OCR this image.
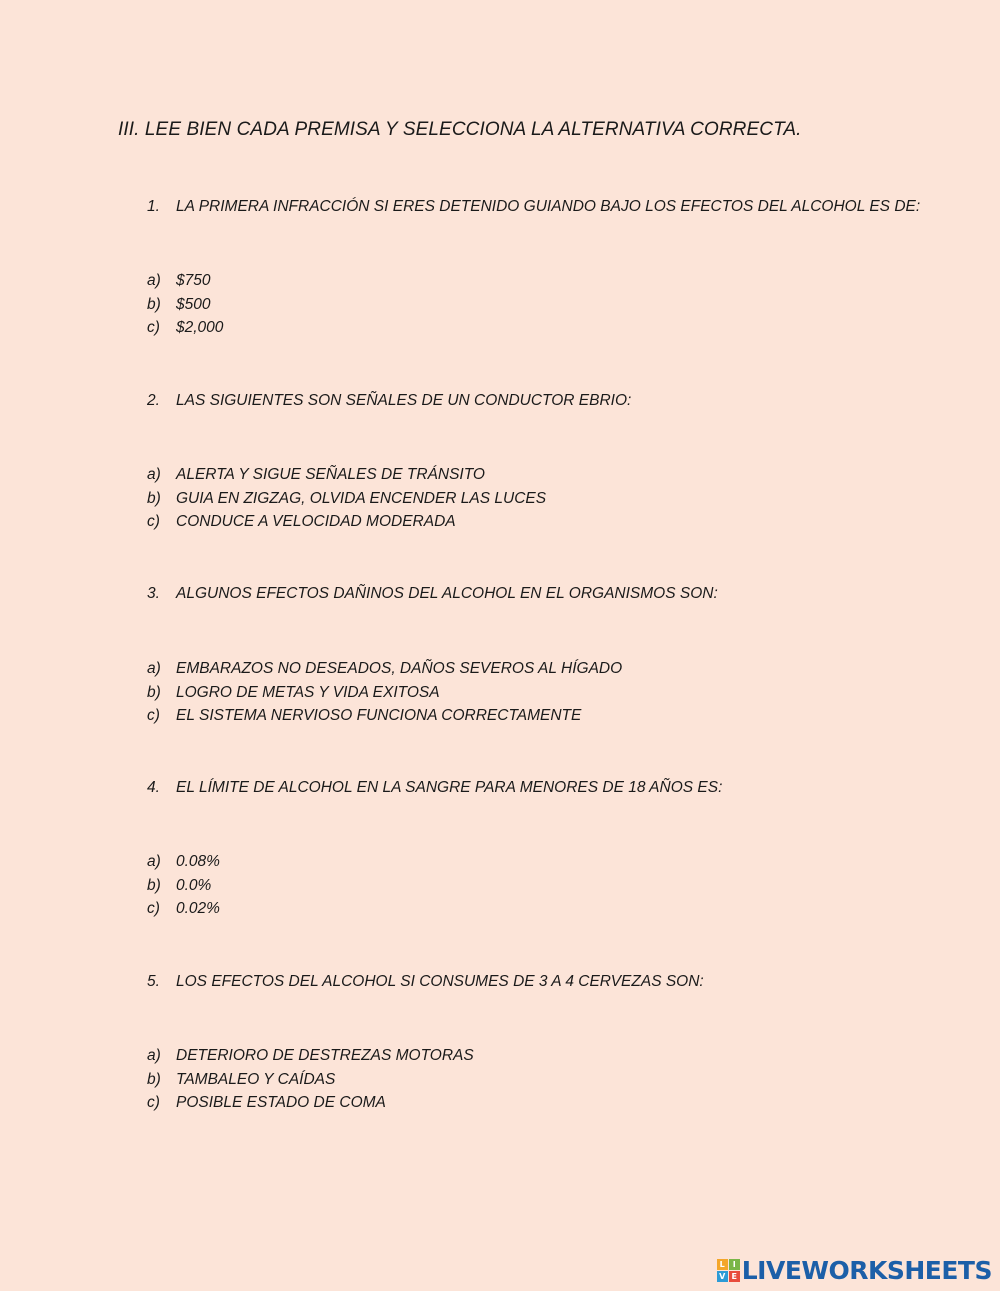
III. LEE BIEN CADA PREMISA Y SELECCIONA LA ALTERNATIVA CORRECTA.
1. LA PRIMERA INFRACCIÓN SI ERES DETENIDO GUIANDO BAJO LOS EFECTOS DEL ALCOHOL ES DE:
a) $750
b) $500
c) $2,000
2. LAS SIGUIENTES SON SEÑALES DE UN CONDUCTOR EBRIO:
a) ALERTA Y SIGUE SEÑALES DE TRÁNSITO
b) GUIA EN ZIGZAG, OLVIDA ENCENDER LAS LUCES
c) CONDUCE A VELOCIDAD MODERADA
3. ALGUNOS EFECTOS DAÑINOS DEL ALCOHOL EN EL ORGANISMOS SON:
a) EMBARAZOS NO DESEADOS, DAÑOS SEVEROS AL HÍGADO
b) LOGRO DE METAS Y VIDA EXITOSA
c) EL SISTEMA NERVIOSO FUNCIONA CORRECTAMENTE
4. EL LÍMITE DE ALCOHOL EN LA SANGRE PARA MENORES DE 18 AÑOS ES:
a) 0.08%
b) 0.0%
c) 0.02%
5. LOS EFECTOS DEL ALCOHOL SI CONSUMES DE 3 A 4 CERVEZAS SON:
a) DETERIORO DE DESTREZAS MOTORAS
b) TAMBALEO Y CAÍDAS
c) POSIBLE ESTADO DE COMA
L I
V E LIVEWORKSHEETS
